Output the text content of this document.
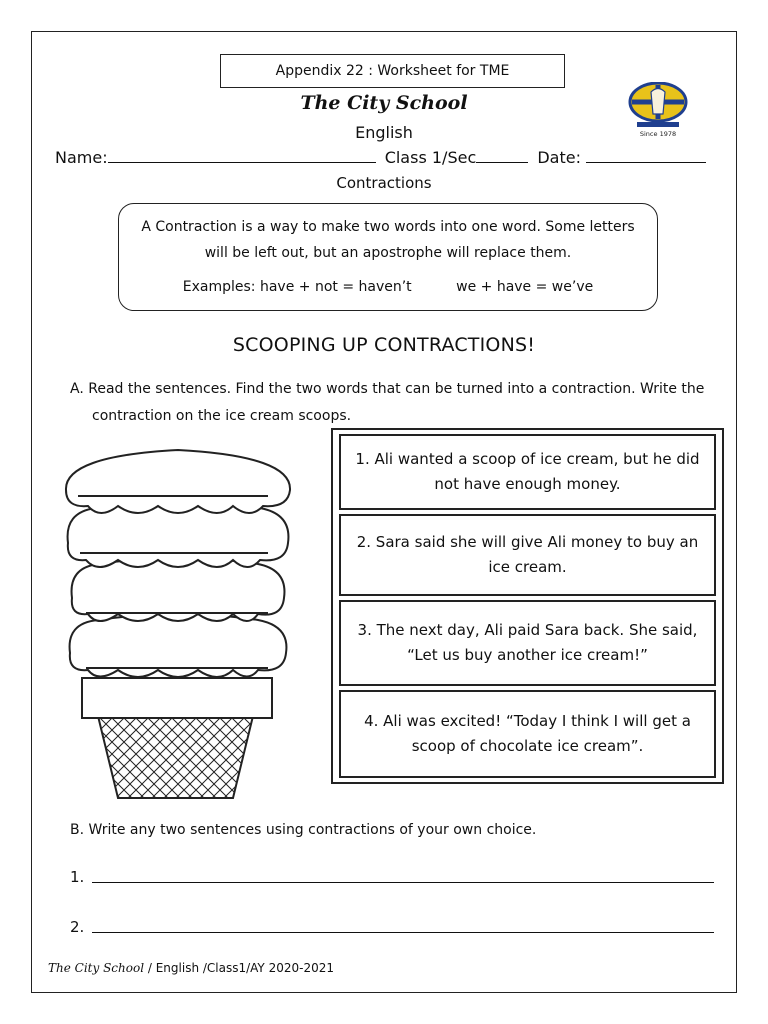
Appendix 22 : Worksheet for TME
The City School
Since 1978
English
Name:	Class 1/Sec	Date:
Contractions
A Contraction is a way to make two words into one word. Some letters will be left out, but an apostrophe will replace them.
Examples: have + not = haven’t	we + have = we’ve
SCOOPING UP CONTRACTIONS!
A. Read the sentences. Find the two words that can be turned into a contraction. Write the
contraction on the ice cream scoops.
1. Ali wanted a scoop of ice cream, but he did not have enough money.
2. Sara said she will give Ali money to buy an ice cream.
3. The next day, Ali paid Sara back. She said, “Let us buy another ice cream!”
4. Ali was excited! “Today I think I will get a scoop of chocolate ice cream”.
B. Write any two sentences using contractions of your own choice.
1.
2.
The City School / English /Class1/AY 2020-2021
